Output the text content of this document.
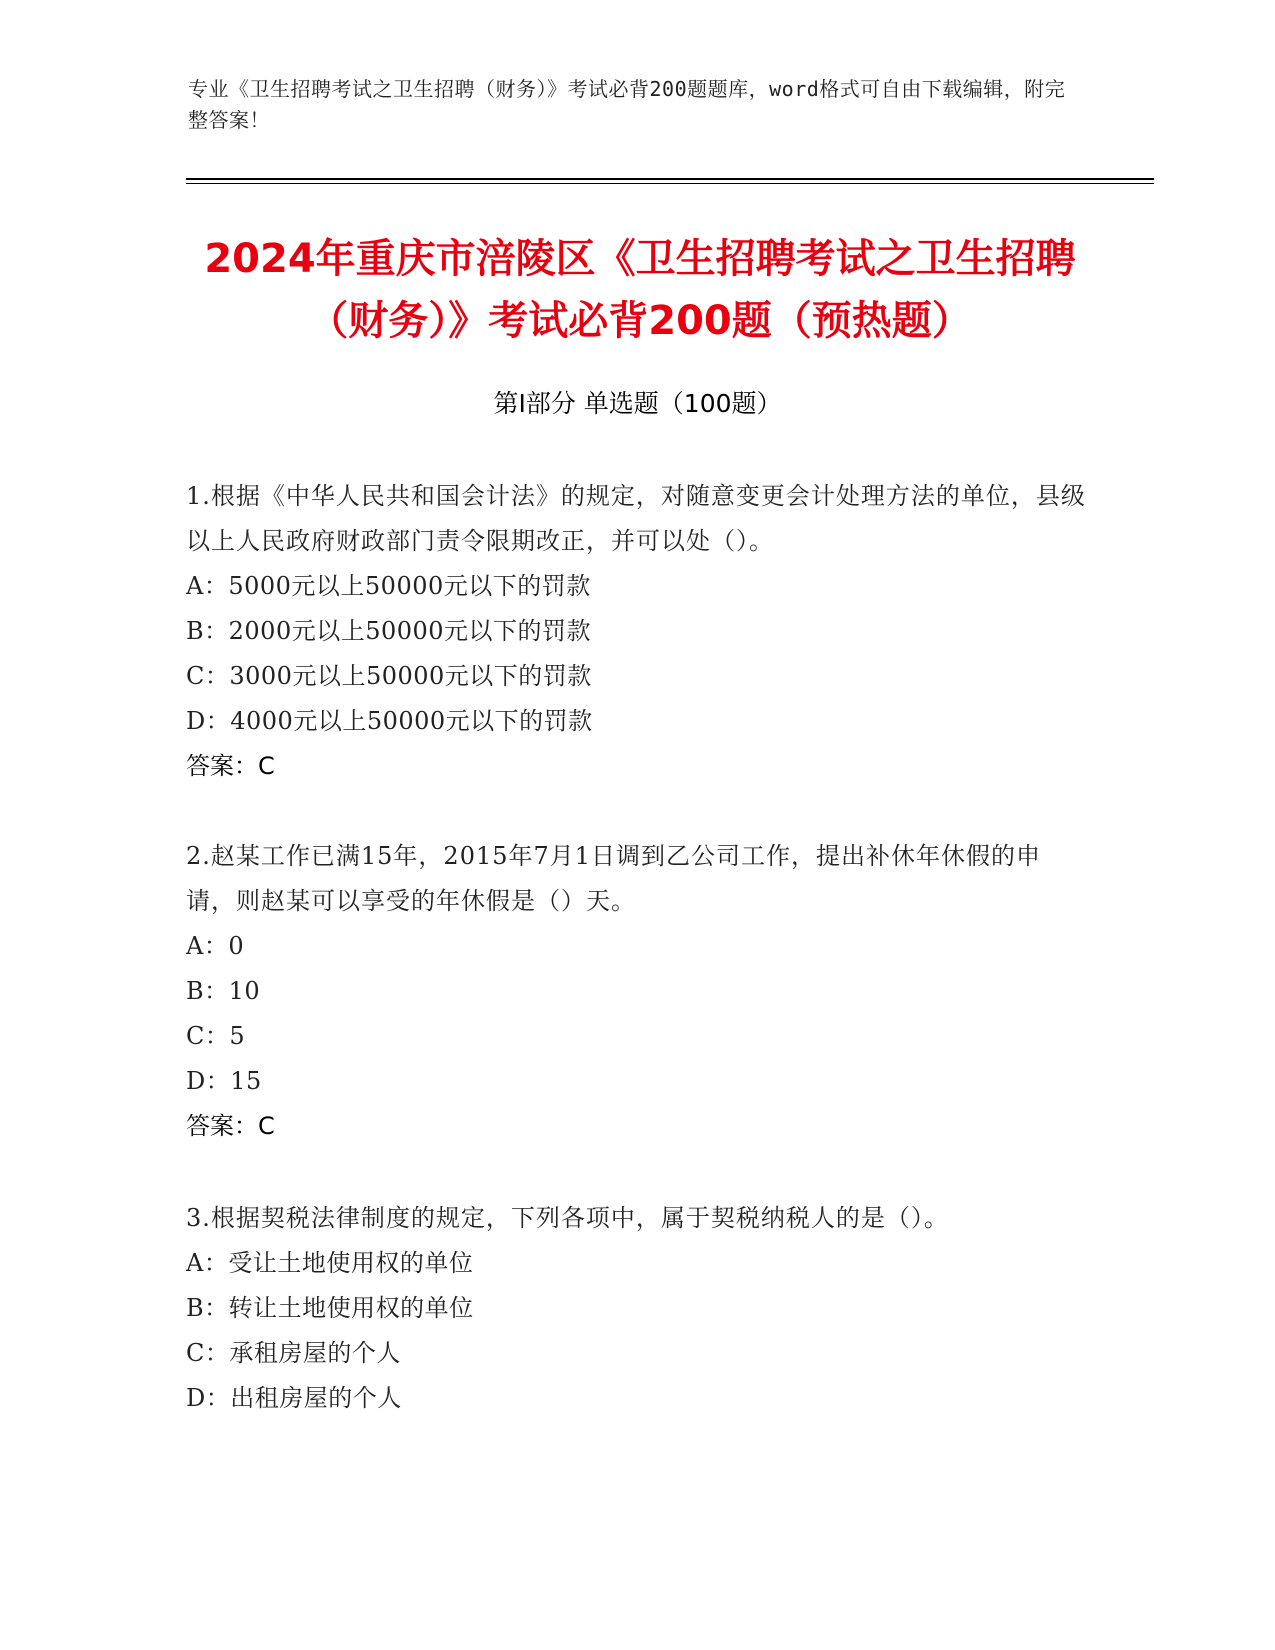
专业《卫生招聘考试之卫生招聘（财务）》考试必背200题题库，word格式可自由下载编辑，附完整答案！
2024年重庆市涪陵区《卫生招聘考试之卫生招聘（财务）》考试必背200题（预热题）
第Ⅰ部分 单选题（100题）
1.根据《中华人民共和国会计法》的规定，对随意变更会计处理方法的单位，县级以上人民政府财政部门责令限期改正，并可以处（）。
A：5000元以上50000元以下的罚款
B：2000元以上50000元以下的罚款
C：3000元以上50000元以下的罚款
D：4000元以上50000元以下的罚款
答案：C
2.赵某工作已满15年，2015年7月1日调到乙公司工作，提出补休年休假的申请，则赵某可以享受的年休假是（）天。
A：0
B：10
C：5
D：15
答案：C
3.根据契税法律制度的规定，下列各项中，属于契税纳税人的是（）。
A：受让土地使用权的单位
B：转让土地使用权的单位
C：承租房屋的个人
D：出租房屋的个人
